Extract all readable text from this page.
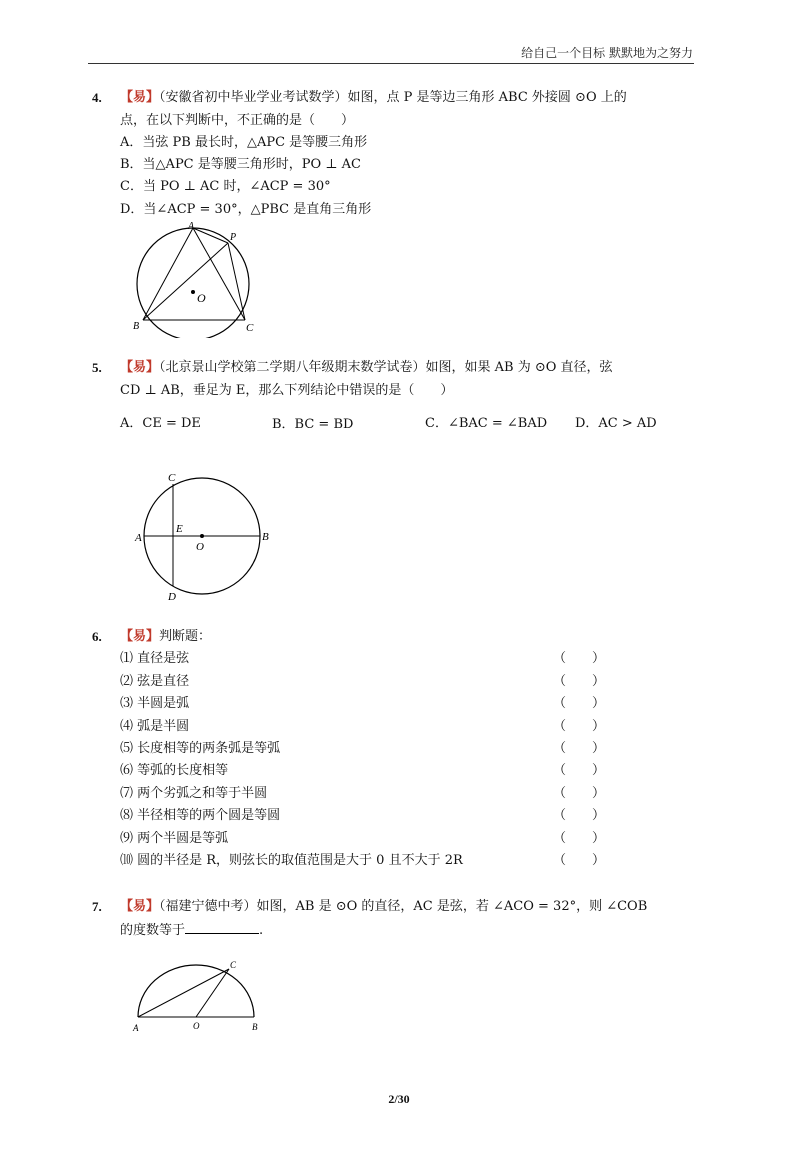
给自己一个目标 默默地为之努力
4. 【易】（安徽省初中毕业学业考试数学）如图，点 P 是等边三角形 ABC 外接圆 ⊙O 上的
点，在以下判断中，不正确的是（　　）
A．当弦 PB 最长时，△APC 是等腰三角形
B．当△APC 是等腰三角形时，PO ⊥ AC
C．当 PO ⊥ AC 时，∠ACP = 30°
D．当∠ACP = 30°，△PBC 是直角三角形
A
P
O
B	C
5. 【易】（北京景山学校第二学期八年级期末数学试卷）如图，如果 AB 为 ⊙O 直径，弦
CD ⊥ AB，垂足为 E，那么下列结论中错误的是（　　）
A．CE = DE	B．BC = BD	C．∠BAC = ∠BAD D．AC > AD
C
E
A
O
B
D
6. 【易】判断题：
⑴ 直径是弦	（　　）
⑵ 弦是直径	（　　）
⑶ 半圆是弧	（　　）
⑷ 弧是半圆	（　　）
⑸ 长度相等的两条弧是等弧	（　　）
⑹ 等弧的长度相等	（　　）
⑺ 两个劣弧之和等于半圆	（　　）
⑻ 半径相等的两个圆是等圆	（　　）
⑼ 两个半圆是等弧	（　　）
⑽ 圆的半径是 R，则弦长的取值范围是大于 0 且不大于 2R	（　　）
7. 【易】（福建宁德中考）如图，AB 是 ⊙O 的直径，AC 是弦，若 ∠ACO = 32°，则 ∠COB
的度数等于	.
C
A	O	B
2/30
